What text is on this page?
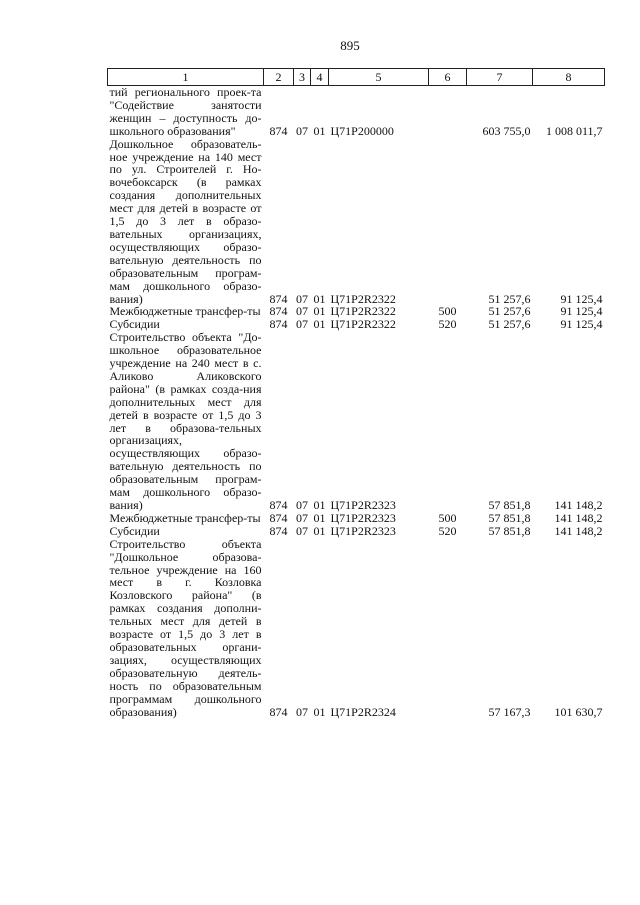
895
1	2	3	4	5	6	7	8
тий регионального проек-та "Содействие занятости женщин – доступность до-школьного образования"	874	07	01	Ц71P200000		603 755,0	1 008 011,7
Дошкольное образователь-ное учреждение на 140 мест по ул. Строителей г. Но-вочебоксарск (в рамках создания дополнительных мест для детей в возрасте от 1,5 до 3 лет в образо-вательных организациях, осуществляющих образо-вательную деятельность по образовательным програм-мам дошкольного образо-вания)	874	07	01	Ц71P2R2322		51 257,6	91 125,4
Межбюджетные трансфер-ты	874	07	01	Ц71P2R2322	500	51 257,6	91 125,4
Субсидии	874	07	01	Ц71P2R2322	520	51 257,6	91 125,4
Строительство объекта "До-школьное образовательное учреждение на 240 мест в с. Аликово Аликовского района" (в рамках созда-ния дополнительных мест для детей в возрасте от 1,5 до 3 лет в образова-тельных организациях, осуществляющих образо-вательную деятельность по образовательным програм-мам дошкольного образо-вания)	874	07	01	Ц71P2R2323		57 851,8	141 148,2
Межбюджетные трансфер-ты	874	07	01	Ц71P2R2323	500	57 851,8	141 148,2
Субсидии	874	07	01	Ц71P2R2323	520	57 851,8	141 148,2
Строительство объекта "Дошкольное образова-тельное учреждение на 160 мест в г. Козловка Козловского района" (в рамках создания дополни-тельных мест для детей в возрасте от 1,5 до 3 лет в образовательных органи-зациях, осуществляющих образовательную деятель-ность по образовательным программам дошкольного образования)	874	07	01	Ц71P2R2324		57 167,3	101 630,7
